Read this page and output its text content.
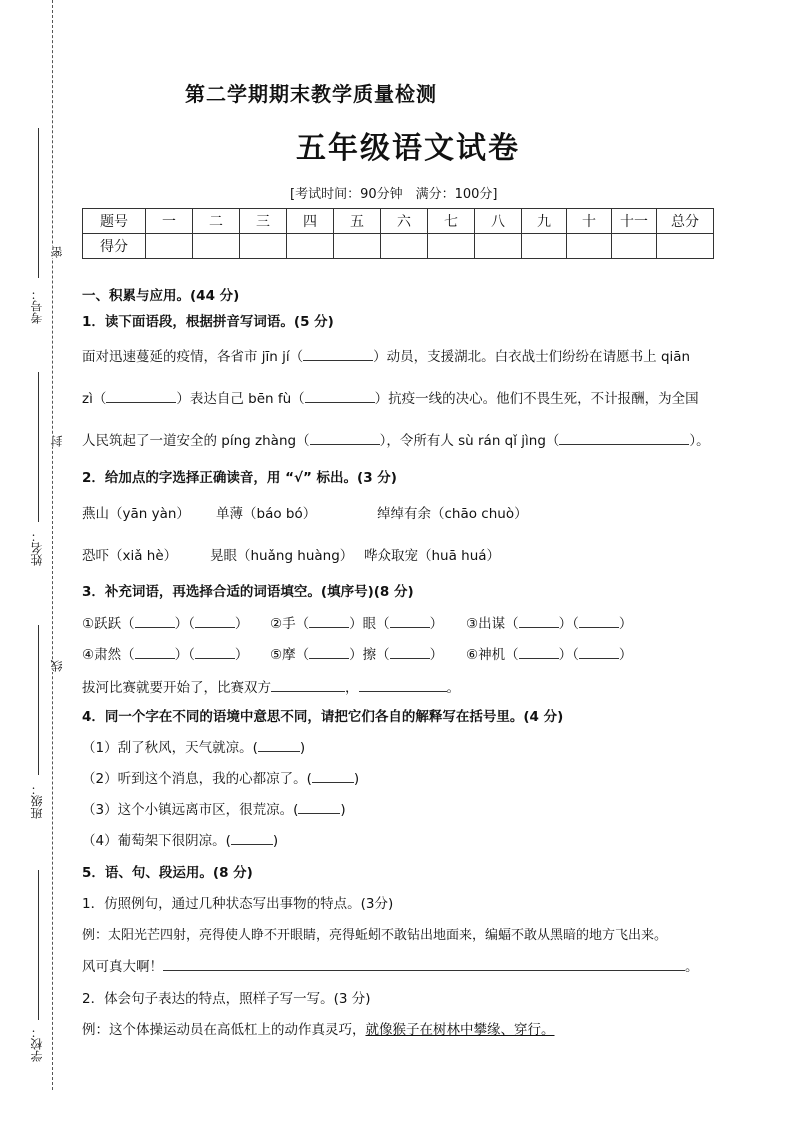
考号：
密
姓名：
封
班级：
线
学校：
第二学期期末教学质量检测
五年级语文试卷
[考试时间：90分钟　满分：100分]
题号	一	二	三	四	五	六	七	八	九	十	十一	总分
得分												
一、积累与应用。(44 分)
1．读下面语段，根据拼音写词语。(5 分)
面对迅速蔓延的疫情，各省市 jīn jí（	）动员，支援湖北。白衣战士们纷纷在请愿书上 qiān
zì（	）表达自己 bēn fù（	）抗疫一线的决心。他们不畏生死，不计报酬，为全国
人民筑起了一道安全的 píng zhàng（	），令所有人 sù rán qǐ jìng（	）。
2．给加点的字选择正确读音，用 “√” 标出。(3 分)
燕山（yān yàn） 单薄（báo bó）	绰绰有余（chāo chuò）
恐吓（xiǎ hè） 晃眼（huǎng huàng） 哗众取宠（huā huá）
3．补充词语，再选择合适的词语填空。(填序号)(8 分)
①跃跃（	）（	） ②手（	）眼（	） ③出谋（	）（	）
④肃然（	）（	） ⑤摩（	）擦（	） ⑥神机（	）（	）
拔河比赛就要开始了，比赛双方	，	。
4．同一个字在不同的语境中意思不同，请把它们各自的解释写在括号里。(4 分)
（1）刮了秋风，天气就凉。(	)
（2）听到这个消息，我的心都凉了。(	)
（3）这个小镇远离市区，很荒凉。(	)
（4）葡萄架下很阴凉。(	)
5．语、句、段运用。(8 分)
1．仿照例句，通过几种状态写出事物的特点。(3分)
例：太阳光芒四射，亮得使人睁不开眼睛，亮得蚯蚓不敢钻出地面来，编蝠不敢从黑暗的地方飞出来。
风可真大啊！	。
2．体会句子表达的特点，照样子写一写。(3 分)
例：这个体操运动员在高低杠上的动作真灵巧，就像猴子在树林中攀缘、穿行。
